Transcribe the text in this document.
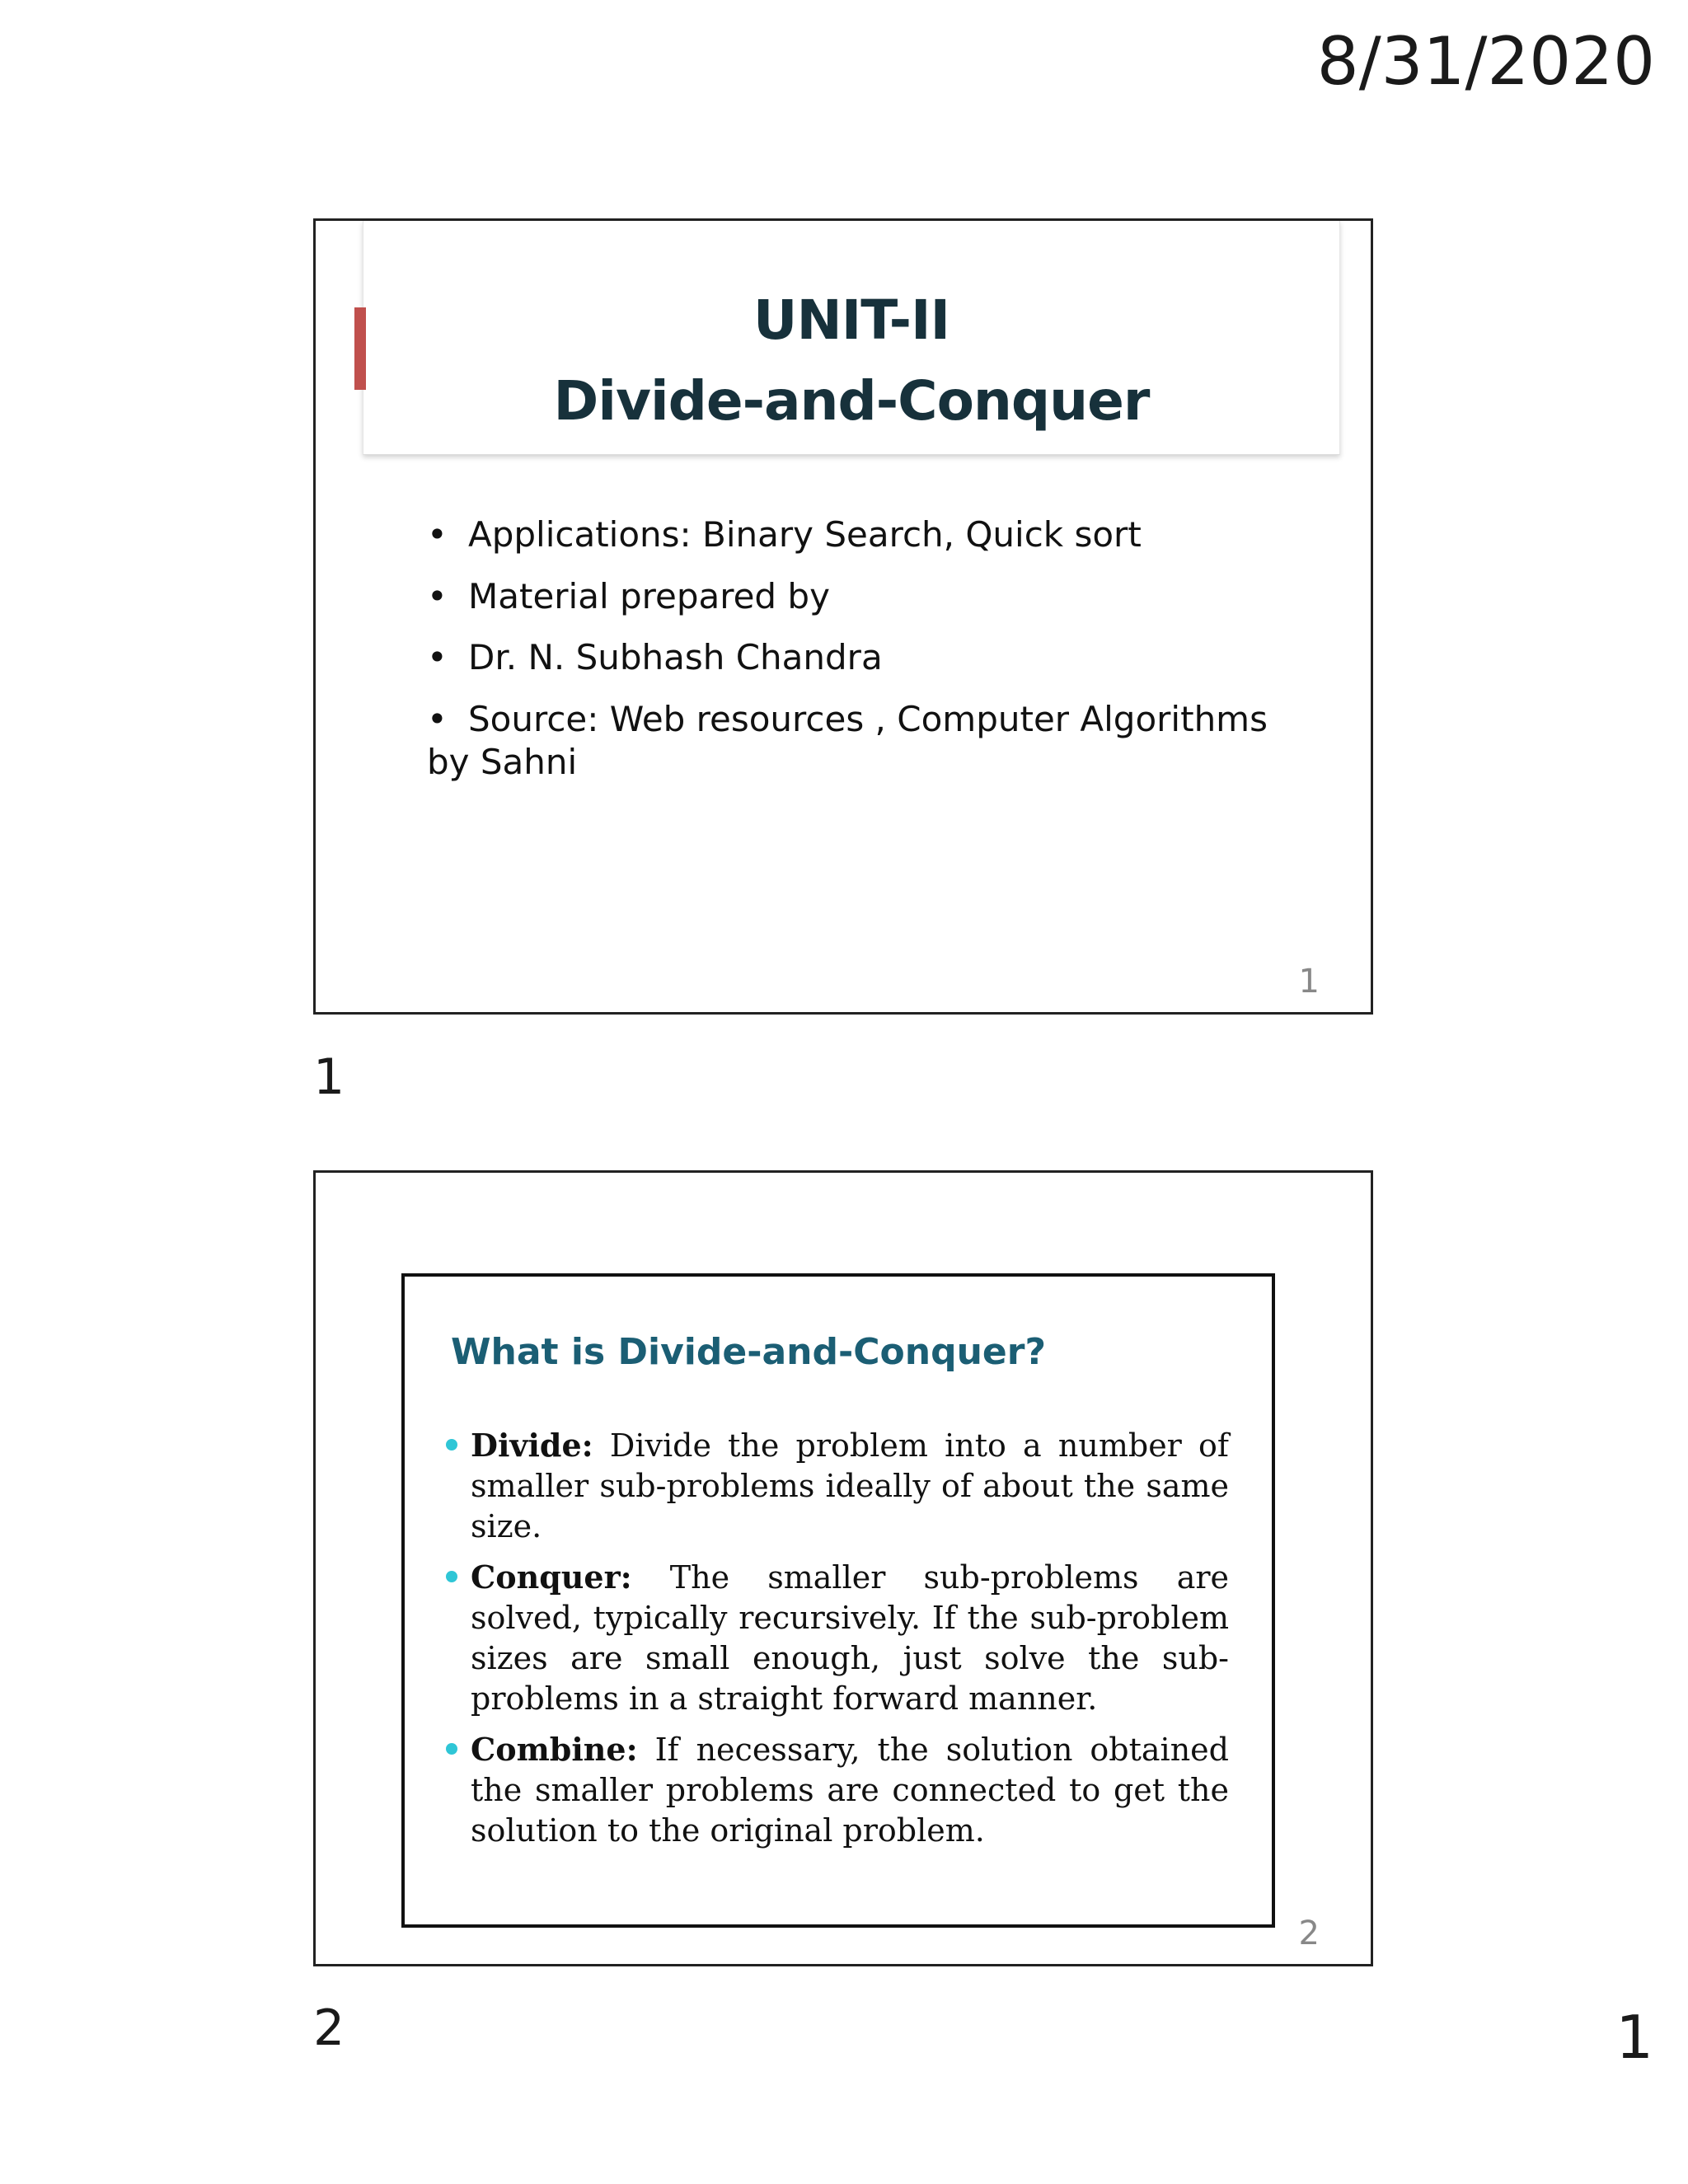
8/31/2020
UNIT-II
Divide-and-Conquer
• Applications: Binary Search, Quick sort
• Material prepared by
• Dr. N. Subhash Chandra
• Source: Web resources , Computer Algorithms by Sahni
1
1
What is Divide-and-Conquer?
Divide: Divide the problem into a number of smaller sub-problems ideally of about the same size.
Conquer: The smaller sub-problems are solved, typically recursively. If the sub-problem sizes are small enough, just solve the sub-problems in a straight forward manner.
Combine: If necessary, the solution obtained the smaller problems are connected to get the solution to the original problem.
2
2	1
